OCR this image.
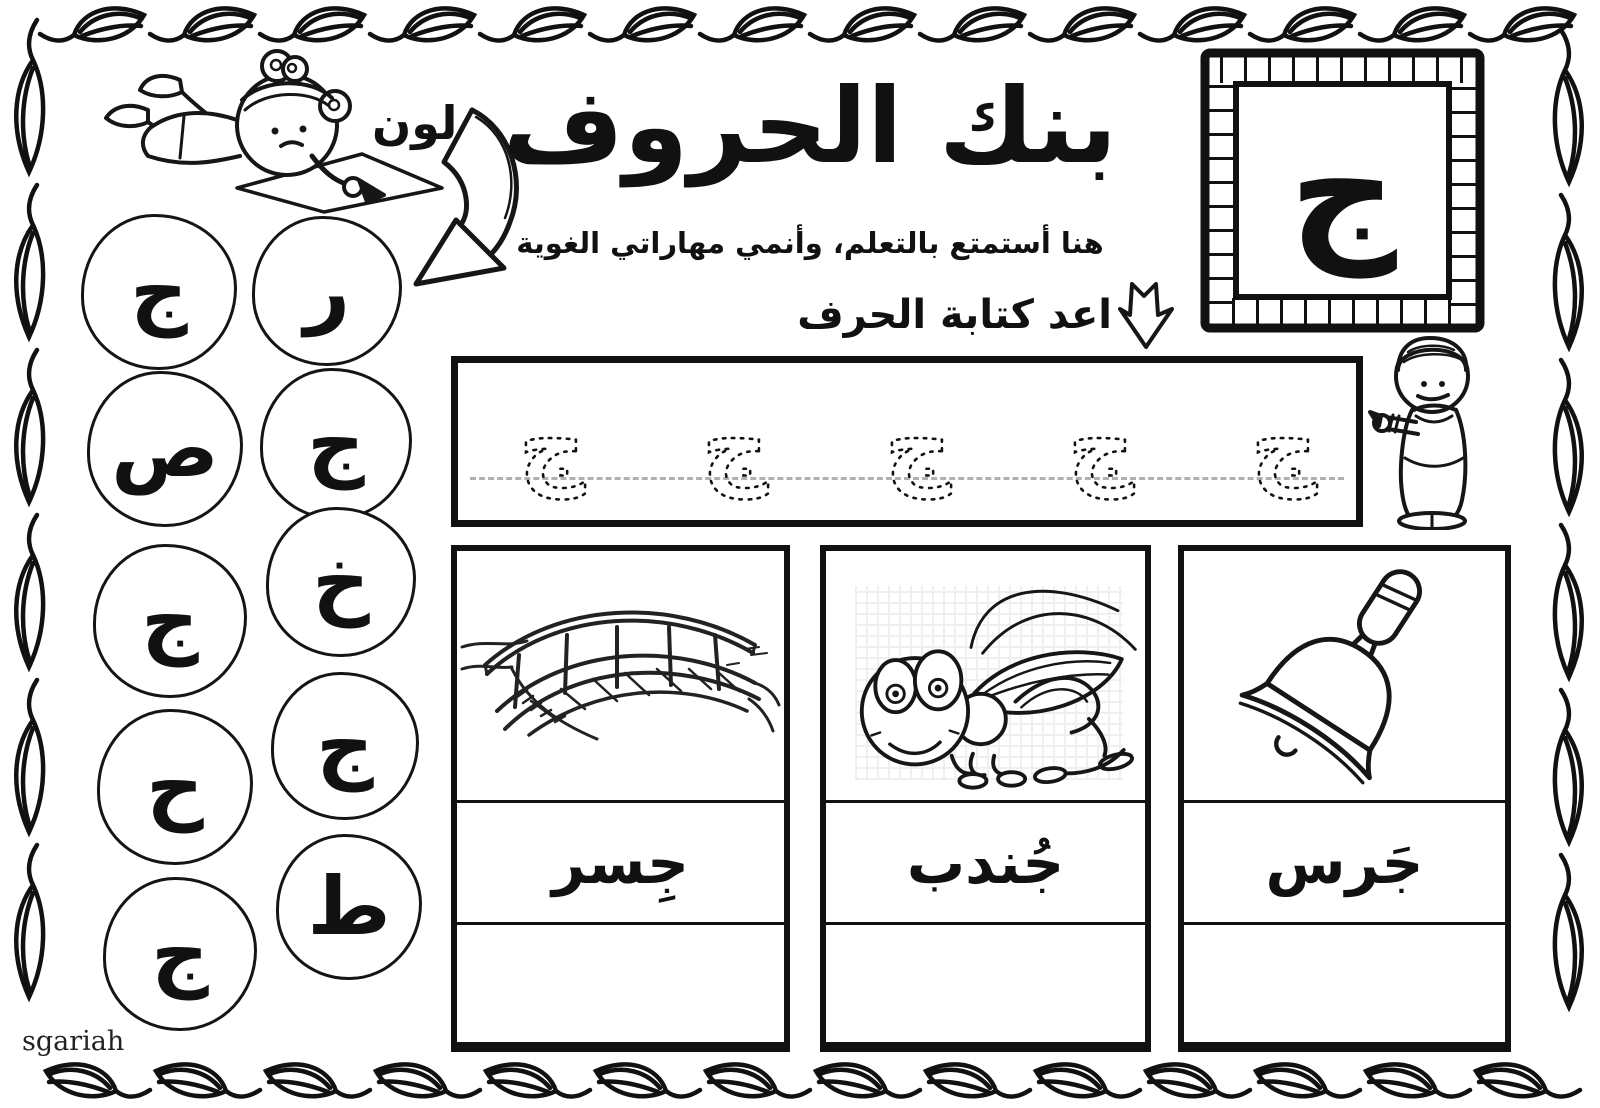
لون
ج ر
ص ج
خ
ج
ج
ح
ط
ج
بنك الحروف
هنا أستمتع بالتعلم، وأنمي مهاراتي الغوية
اعد كتابة الحرف
ج
ج ج ج ج ج
جِسر	جُندب	جَرس
sgariah
